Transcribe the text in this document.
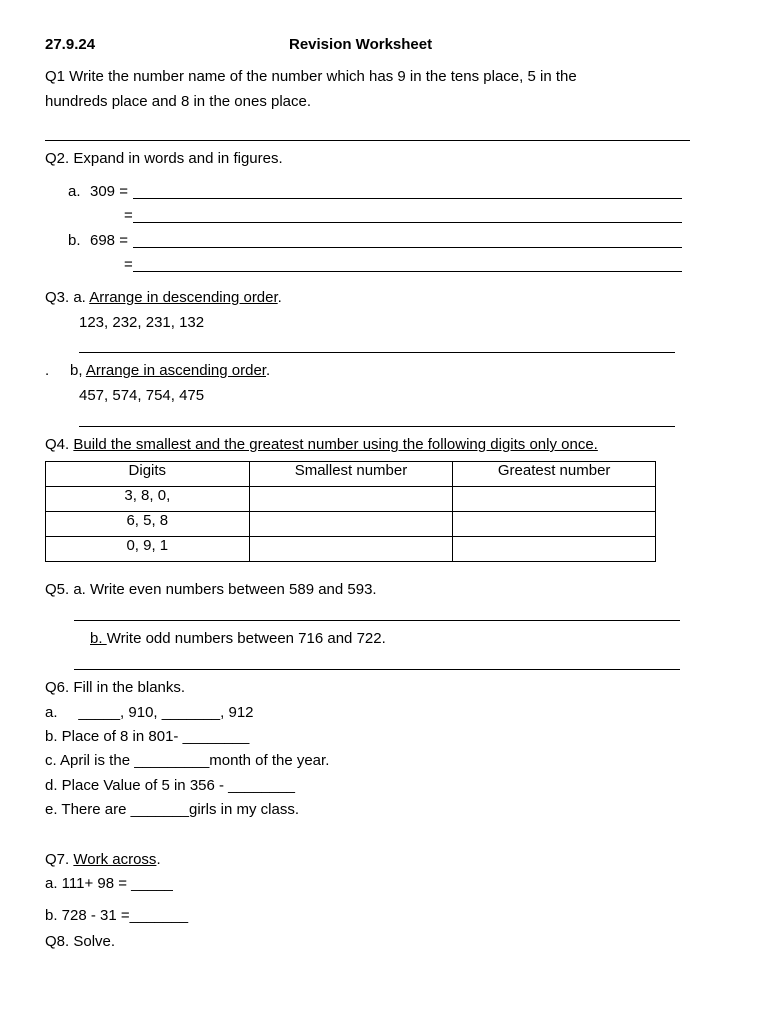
27.9.24	Revision Worksheet
Q1 Write the number name of the number which has 9 in the tens place, 5 in the
hundreds place and 8 in the ones place.
Q2. Expand in words and in figures.
a. 309 =
=
b. 698 =
=
Q3. a. Arrange in descending order.
123, 232, 231, 132
.     b, Arrange in ascending order.
457, 574, 754, 475
Q4. Build the smallest and the greatest number using the following digits only once.
Digits	Smallest number	Greatest number
3, 8, 0,		
6, 5, 8		
0, 9, 1		
Q5. a. Write even numbers between 589 and 593.
b. Write odd numbers between 716 and 722.
Q6. Fill in the blanks.
a.     _____, 910, _______, 912
b. Place of 8 in 801- ________
c. April is the _________month of the year.
d. Place Value of 5 in 356 - ________
e. There are _______girls in my class.
Q7. Work across.
a. 111+ 98 = _____
b. 728 - 31 =_______
Q8. Solve.
